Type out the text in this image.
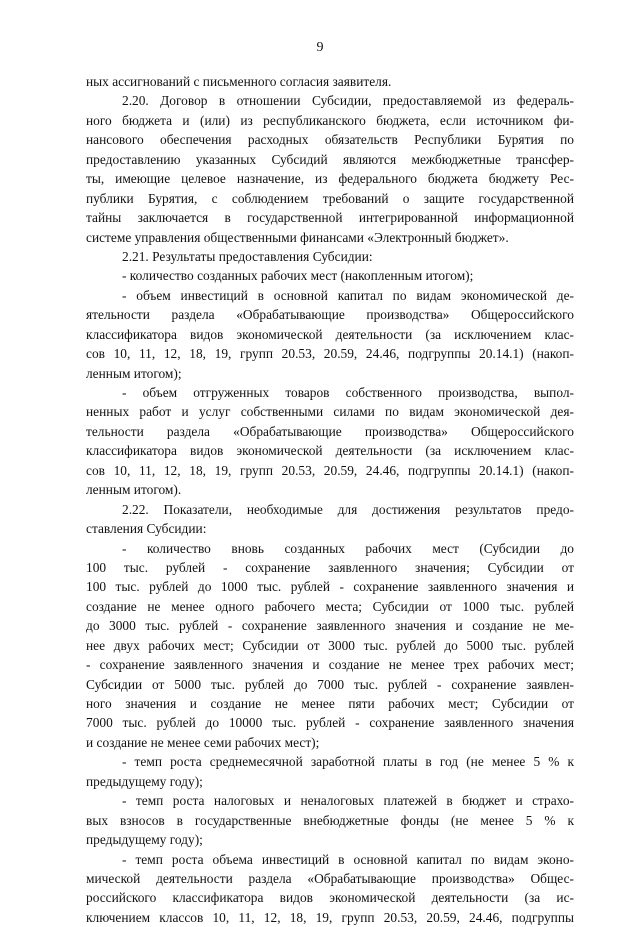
9
ных ассигнований с письменного согласия заявителя.
2.20. Договор в отношении Субсидии, предоставляемой из федераль-
ного бюджета и (или) из республиканского бюджета, если источником фи-
нансового обеспечения расходных обязательств Республики Бурятия по
предоставлению указанных Субсидий являются межбюджетные трансфер-
ты, имеющие целевое назначение, из федерального бюджета бюджету Рес-
публики Бурятия, с соблюдением требований о защите государственной
тайны заключается в государственной интегрированной информационной
системе управления общественными финансами «Электронный бюджет».
2.21. Результаты предоставления Субсидии:
- количество созданных рабочих мест (накопленным итогом);
- объем инвестиций в основной капитал по видам экономической де-
ятельности раздела «Обрабатывающие производства» Общероссийского
классификатора видов экономической деятельности (за исключением клас-
сов 10, 11, 12, 18, 19, групп 20.53, 20.59, 24.46, подгруппы 20.14.1) (накоп-
ленным итогом);
- объем отгруженных товаров собственного производства, выпол-
ненных работ и услуг собственными силами по видам экономической дея-
тельности раздела «Обрабатывающие производства» Общероссийского
классификатора видов экономической деятельности (за исключением клас-
сов 10, 11, 12, 18, 19, групп 20.53, 20.59, 24.46, подгруппы 20.14.1) (накоп-
ленным итогом).
2.22. Показатели, необходимые для достижения результатов предо-
ставления Субсидии:
- количество вновь созданных рабочих мест (Субсидии до
100 тыс. рублей - сохранение заявленного значения; Субсидии от
100 тыс. рублей до 1000 тыс. рублей - сохранение заявленного значения и
создание не менее одного рабочего места; Субсидии от 1000 тыс. рублей
до 3000 тыс. рублей - сохранение заявленного значения и создание не ме-
нее двух рабочих мест; Субсидии от 3000 тыс. рублей до 5000 тыс. рублей
- сохранение заявленного значения и создание не менее трех рабочих мест;
Субсидии от 5000 тыс. рублей до 7000 тыс. рублей - сохранение заявлен-
ного значения и создание не менее пяти рабочих мест; Субсидии от
7000 тыс. рублей до 10000 тыс. рублей - сохранение заявленного значения
и создание не менее семи рабочих мест);
- темп роста среднемесячной заработной платы в год (не менее 5 % к
предыдущему году);
- темп роста налоговых и неналоговых платежей в бюджет и страхо-
вых взносов в государственные внебюджетные фонды (не менее 5 % к
предыдущему году);
- темп роста объема инвестиций в основной капитал по видам эконо-
мической деятельности раздела «Обрабатывающие производства» Общес-
российского классификатора видов экономической деятельности (за ис-
ключением классов 10, 11, 12, 18, 19, групп 20.53, 20.59, 24.46, подгруппы
